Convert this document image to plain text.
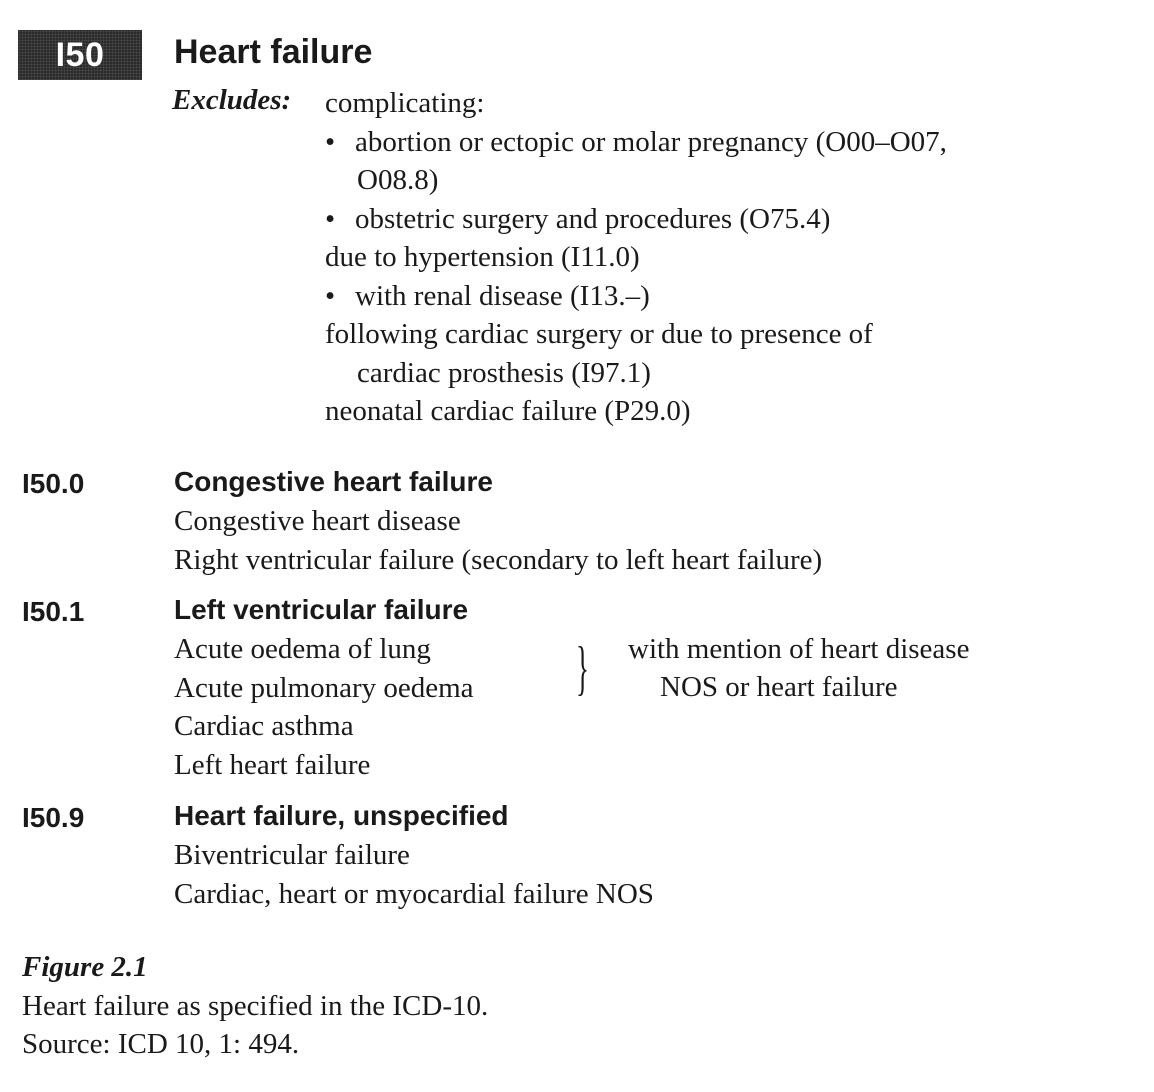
I50	Heart failure
Excludes: complicating:
• abortion or ectopic or molar pregnancy (O00–O07,
O08.8)
• obstetric surgery and procedures (O75.4)
due to hypertension (I11.0)
• with renal disease (I13.–)
following cardiac surgery or due to presence of
cardiac prosthesis (I97.1)
neonatal cardiac failure (P29.0)
I50.0	Congestive heart failure
Congestive heart disease
Right ventricular failure (secondary to left heart failure)
I50.1	Left ventricular failure
Acute oedema of lung
Acute pulmonary oedema
Cardiac asthma
Left heart failure
} with mention of heart disease
NOS or heart failure
I50.9	Heart failure, unspecified
Biventricular failure
Cardiac, heart or myocardial failure NOS
Figure 2.1
Heart failure as specified in the ICD-10.
Source: ICD 10, 1: 494.
